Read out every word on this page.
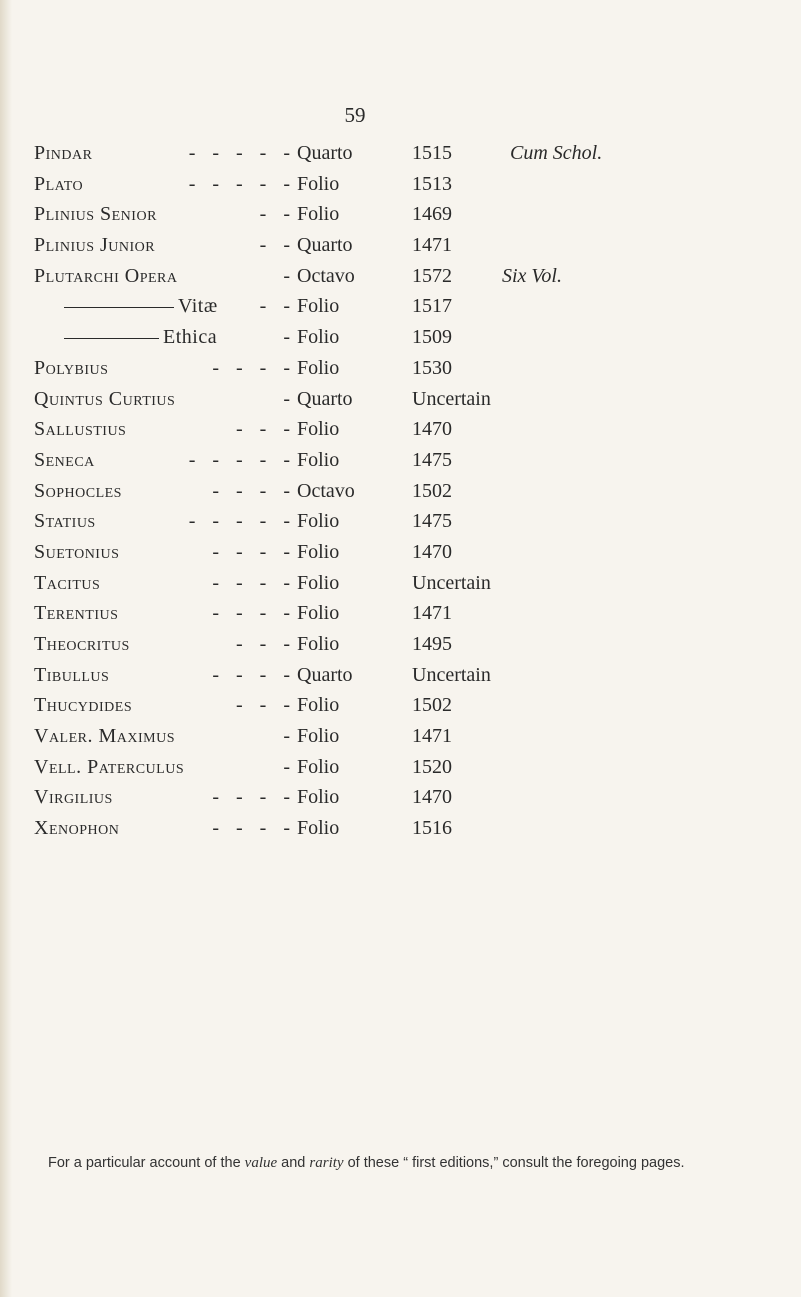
59
Pindar	- - - - - Quarto	1515	Cum Schol.
Plato	- - - - - Folio	1513
Plinius Senior	- - Folio	1469
Plinius Junior	- - Quarto	1471
Plutarchi Opera	- Octavo	1572	Six Vol.
Vitæ	- - Folio	1517
Ethica	- Folio	1509
Polybius	- - - - Folio	1530
Quintus Curtius	- Quarto	Uncertain
Sallustius	- - - Folio	1470
Seneca	- - - - - Folio	1475
Sophocles	- - - - Octavo	1502
Statius	- - - - - Folio	1475
Suetonius	- - - - Folio	1470
Tacitus	- - - - Folio	Uncertain
Terentius	- - - - Folio	1471
Theocritus	- - - Folio	1495
Tibullus	- - - - Quarto	Uncertain
Thucydides	- - - Folio	1502
Valer. Maximus	- Folio	1471
Vell. Paterculus	- Folio	1520
Virgilius	- - - - Folio	1470
Xenophon	- - - - Folio	1516
For a particular account of the value and rarity of these “ first editions,” consult the foregoing pages.
